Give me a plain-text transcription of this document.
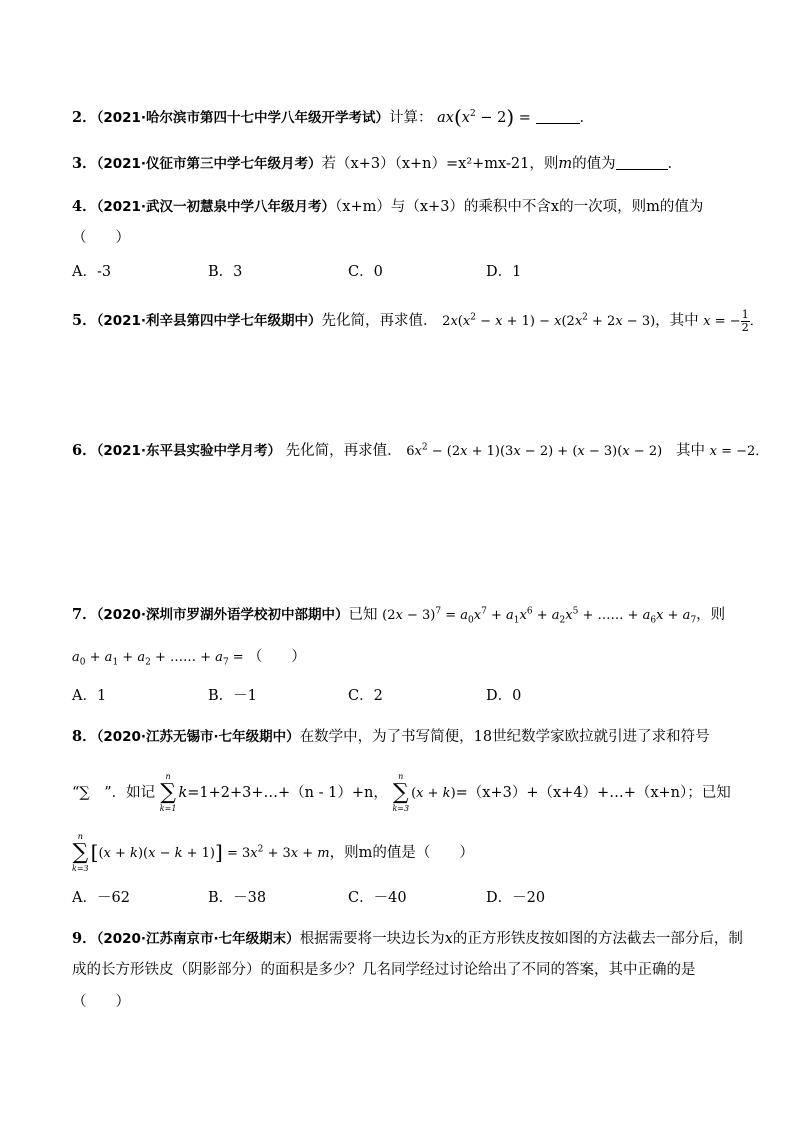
2．（2021·哈尔滨市第四十七中学八年级开学考试）计算： $ax(x^2 - 2)$ =	．
3．（2021·仪征市第三中学七年级月考）若（x+3）（x+n）=x²+mx-21，则m的值为	．
4．（2021·武汉一初慧泉中学八年级月考）（x+m）与（x+3）的乘积中不含x的一次项，则m的值为
（　　）
A．-3	B．3	C．0	D．1
5．（2021·利辛县第四中学七年级期中）先化简，再求值． $2x(x^2 - x + 1) - x(2x^2 + 2x - 3)$，其中 x = − $\frac{1}{2}$ ．
6．（2021·东平县实验中学月考） 先化简，再求值． $6x^2 - (2x + 1)(3x - 2) + (x - 3)(x - 2)$ 其中 x = −2．
7．（2020·深圳市罗湖外语学校初中部期中）已知 $(2x - 3)^7 = a_0x^7 + a_1x^6 + a_2x^5$ + …… + $a_6x + a_7$，则
$a_0 + a_1 + a_2$ + …… + $a_7$ = （　　）
A．1	B．－1	C．2	D．0
8．（2020·江苏无锡市·七年级期中）在数学中，为了书写简便，18世纪数学家欧拉就引进了求和符号
“∑　”．如记
n
∑
k=1
k=1+2+3+…+（n - 1）+n，
n
∑
k=3
(x + k)=（x+3）+（x+4）+…+（x+n）；已知
n
∑
k=3
$[(x + k)(x - k + 1)] = 3x^2 + 3x + m$，则m的值是（　　）
A．－62	B．－38	C．－40	D．－20
9．（2020·江苏南京市·七年级期末）根据需要将一块边长为x的正方形铁皮按如图的方法截去一部分后，制
成的长方形铁皮（阴影部分）的面积是多少？几名同学经过讨论给出了不同的答案，其中正确的是
（　　）
